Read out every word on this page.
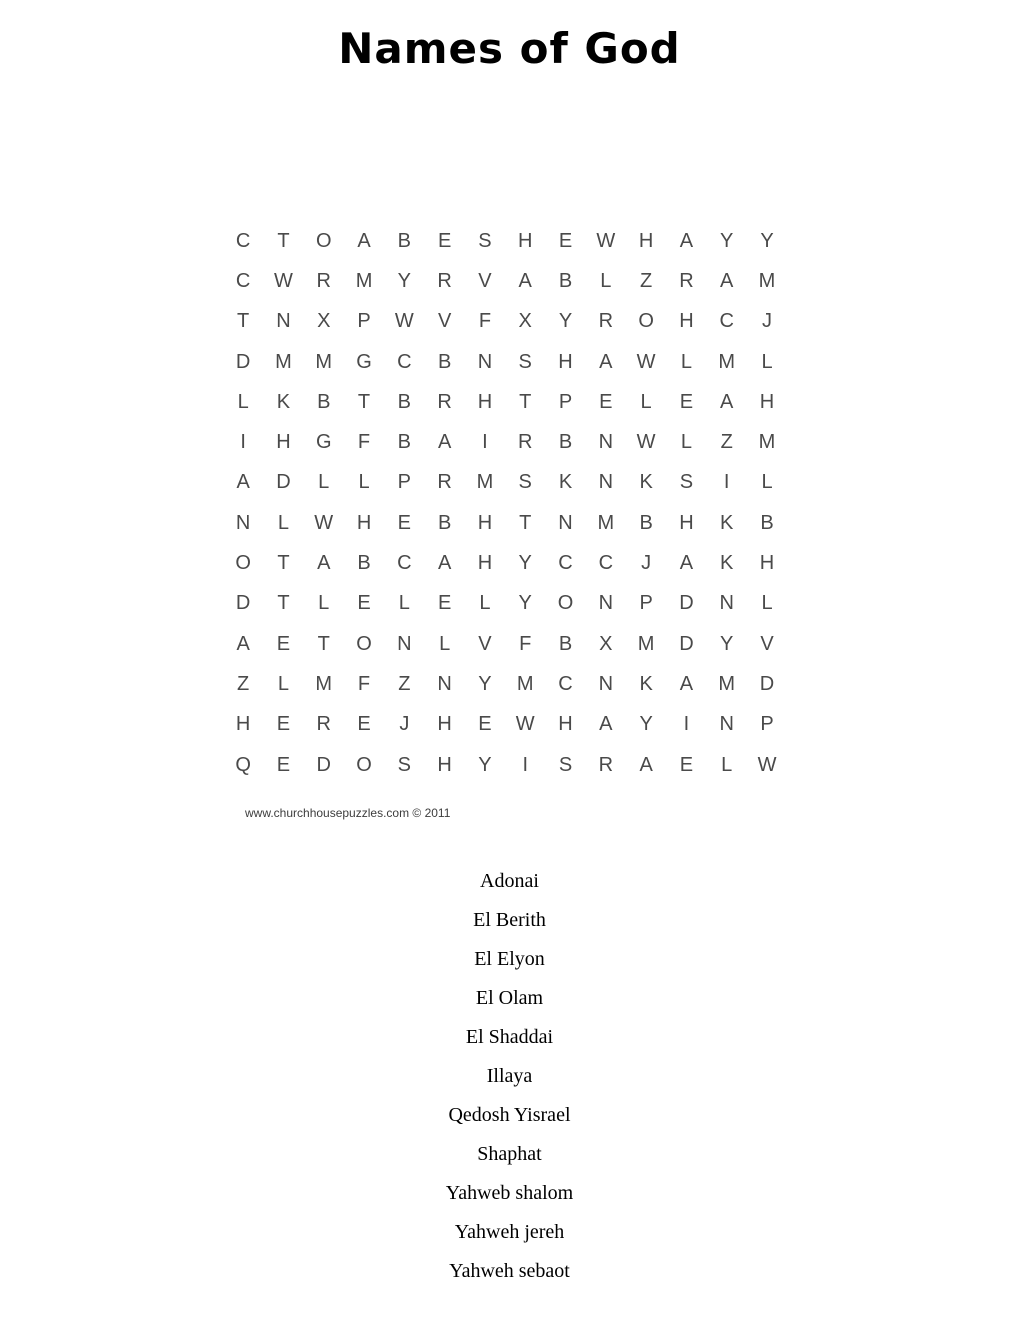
Names of God
C	T	O	A	B	E	S	H	E	W	H	A	Y	Y
C	W	R	M	Y	R	V	A	B	L	Z	R	A	M
T	N	X	P	W	V	F	X	Y	R	O	H	C	J
D	M	M	G	C	B	N	S	H	A	W	L	M	L
L	K	B	T	B	R	H	T	P	E	L	E	A	H
I	H	G	F	B	A	I	R	B	N	W	L	Z	M
A	D	L	L	P	R	M	S	K	N	K	S	I	L
N	L	W	H	E	B	H	T	N	M	B	H	K	B
O	T	A	B	C	A	H	Y	C	C	J	A	K	H
D	T	L	E	L	E	L	Y	O	N	P	D	N	L
A	E	T	O	N	L	V	F	B	X	M	D	Y	V
Z	L	M	F	Z	N	Y	M	C	N	K	A	M	D
H	E	R	E	J	H	E	W	H	A	Y	I	N	P
Q	E	D	O	S	H	Y	I	S	R	A	E	L	W
www.churchhousepuzzles.com © 2011
Adonai
El Berith
El Elyon
El Olam
El Shaddai
Illaya
Qedosh Yisrael
Shaphat
Yahweb shalom
Yahweh jereh
Yahweh sebaot
